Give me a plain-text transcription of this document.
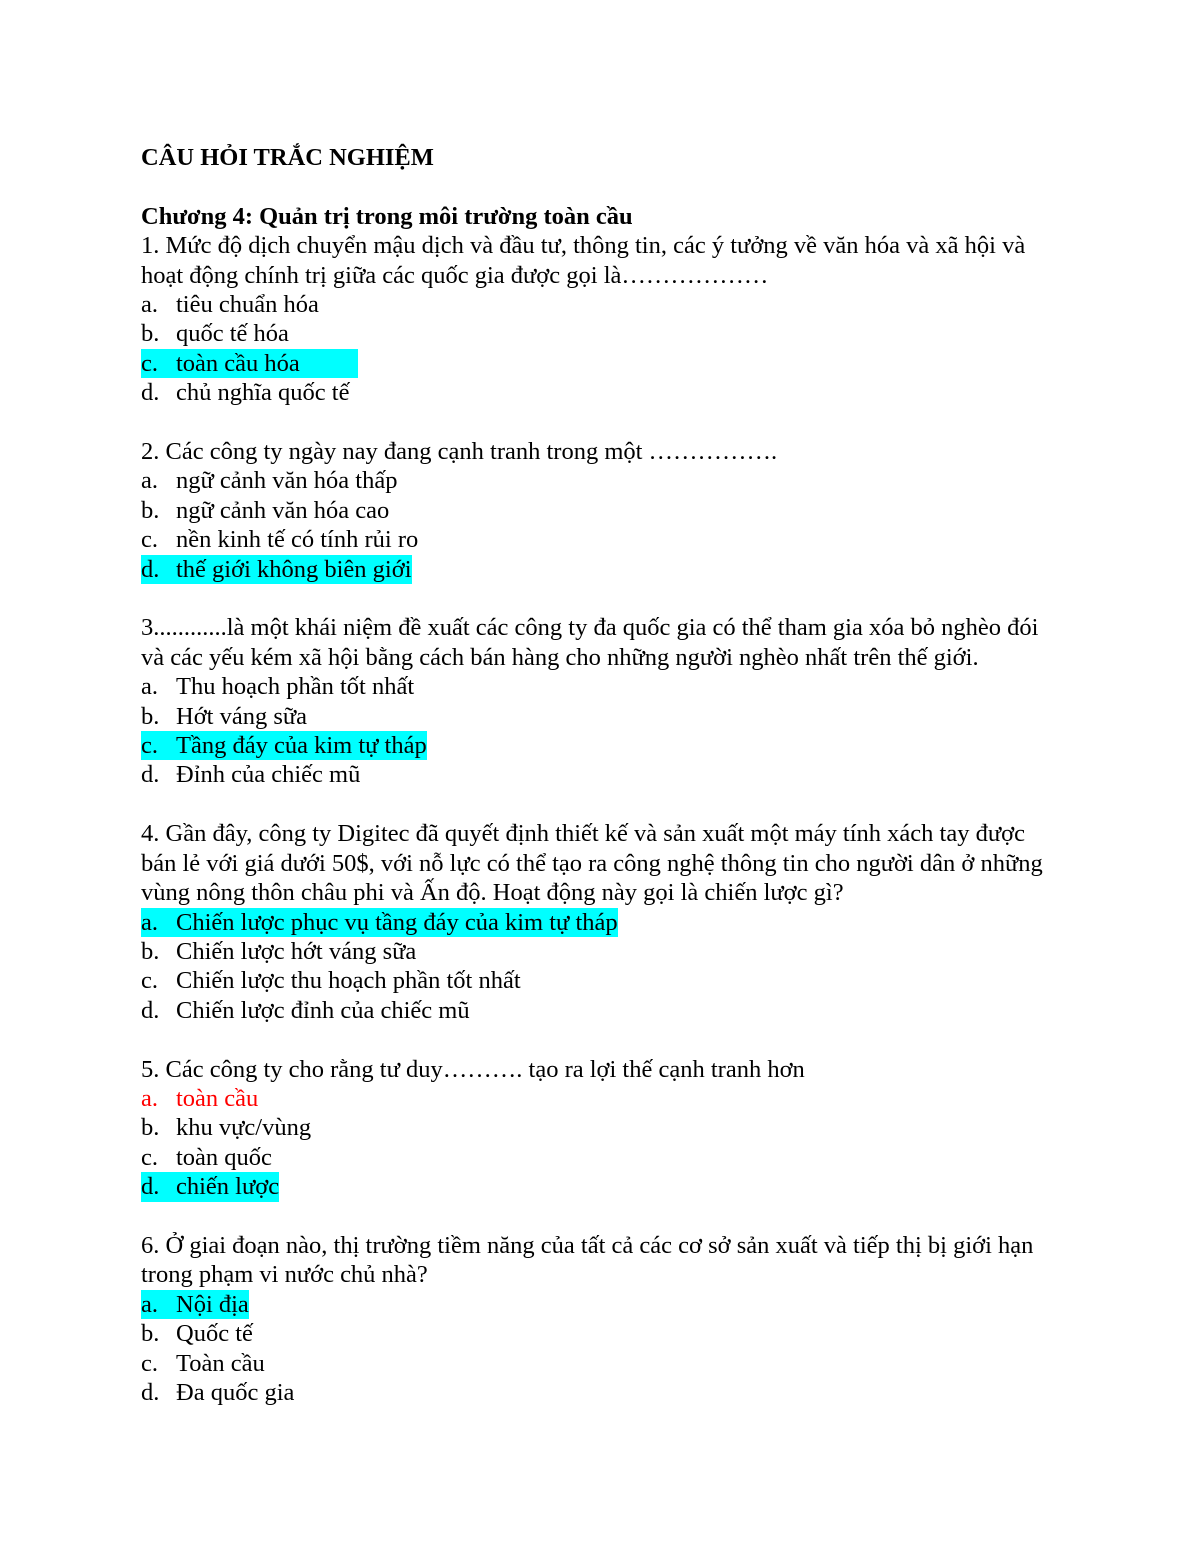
CÂU HỎI TRẮC NGHIỆM

Chương 4: Quản trị trong môi trường toàn cầu

1. Mức độ dịch chuyển mậu dịch và đầu tư, thông tin, các ý tưởng về văn hóa và xã hội và hoạt động chính trị giữa các quốc gia được gọi là………………

a. tiêu chuẩn hóa
b. quốc tế hóa
c. toàn cầu hóa
d. chủ nghĩa quốc tế

2. Các công ty ngày nay đang cạnh tranh trong một …………….

a. ngữ cảnh văn hóa thấp
b. ngữ cảnh văn hóa cao
c. nền kinh tế có tính rủi ro
d. thế giới không biên giới

3............là một khái niệm đề xuất các công ty đa quốc gia có thể tham gia xóa bỏ nghèo đói và các yếu kém xã hội bằng cách bán hàng cho những người nghèo nhất trên thế giới.

a. Thu hoạch phần tốt nhất
b. Hớt váng sữa
c. Tầng đáy của kim tự tháp
d. Đỉnh của chiếc mũ

4. Gần đây, công ty Digitec đã quyết định thiết kế và sản xuất một máy tính xách tay được bán lẻ với giá dưới 50$, với nỗ lực có thể tạo ra công nghệ thông tin cho người dân ở những vùng nông thôn châu phi và Ấn độ. Hoạt động này gọi là chiến lược gì?

a. Chiến lược phục vụ tầng đáy của kim tự tháp
b. Chiến lược hớt váng sữa
c. Chiến lược thu hoạch phần tốt nhất
d. Chiến lược đỉnh của chiếc mũ

5. Các công ty cho rằng tư duy………. tạo ra lợi thế cạnh tranh hơn

a. toàn cầu
b. khu vực/vùng
c. toàn quốc
d. chiến lược

6. Ở giai đoạn nào, thị trường tiềm năng của tất cả các cơ sở sản xuất và tiếp thị bị giới hạn trong phạm vi nước chủ nhà?

a. Nội địa
b. Quốc tế
c. Toàn cầu
d. Đa quốc gia
